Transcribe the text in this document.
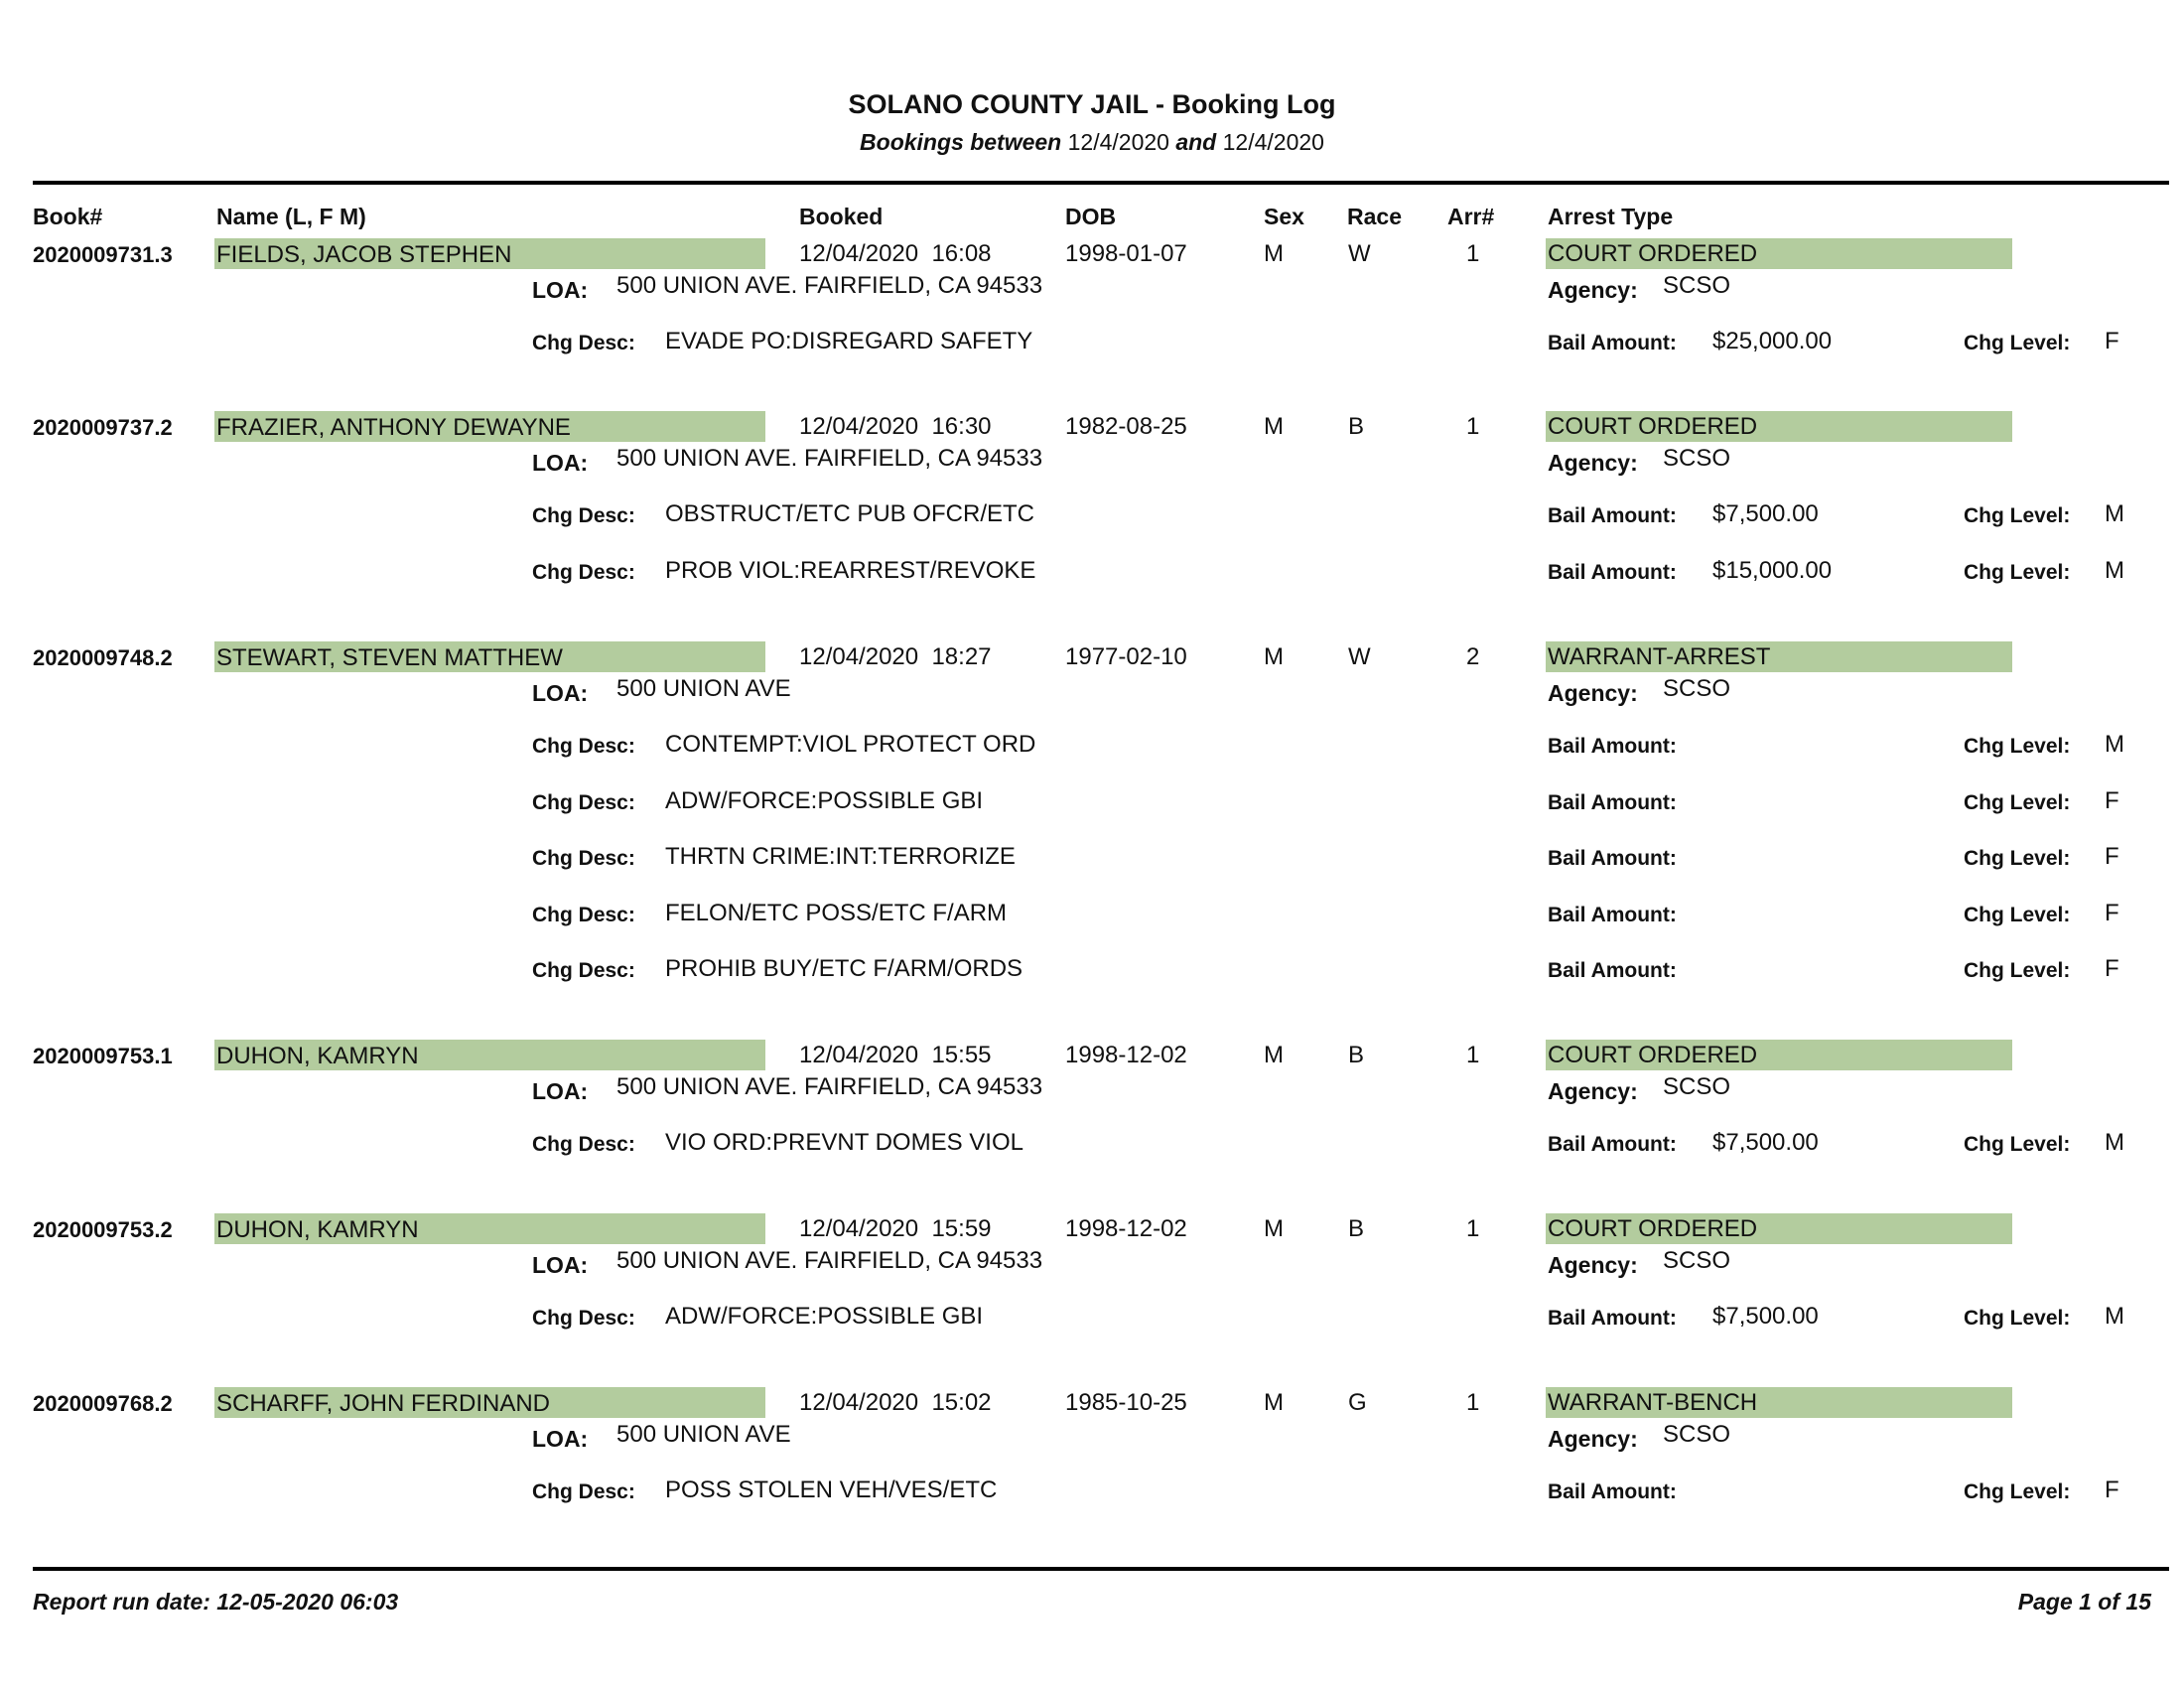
SOLANO COUNTY JAIL - Booking Log
Bookings between 12/4/2020 and 12/4/2020
Book#	Name (L, F M)	Booked	DOB	Sex Race Arr# Arrest Type
2020009731.3 FIELDS, JACOB STEPHEN	12/04/2020  16:08	1998-01-07	M	W	1	COURT ORDERED
LOA: 500 UNION AVE. FAIRFIELD, CA 94533	Agency: SCSO
Chg Desc: EVADE PO:DISREGARD SAFETY	Bail Amount: $25,000.00	Chg Level: F
2020009737.2 FRAZIER, ANTHONY DEWAYNE	12/04/2020  16:30	1982-08-25	M	B	1	COURT ORDERED
LOA: 500 UNION AVE. FAIRFIELD, CA 94533	Agency: SCSO
Chg Desc: OBSTRUCT/ETC PUB OFCR/ETC	Bail Amount: $7,500.00	Chg Level: M
Chg Desc: PROB VIOL:REARREST/REVOKE	Bail Amount: $15,000.00	Chg Level: M
2020009748.2 STEWART, STEVEN MATTHEW	12/04/2020  18:27	1977-02-10	M	W	2	WARRANT-ARREST
LOA: 500 UNION AVE	Agency: SCSO
Chg Desc: CONTEMPT:VIOL PROTECT ORD	Bail Amount:	Chg Level: M
Chg Desc: ADW/FORCE:POSSIBLE GBI	Bail Amount:	Chg Level: F
Chg Desc: THRTN CRIME:INT:TERRORIZE	Bail Amount:	Chg Level: F
Chg Desc: FELON/ETC POSS/ETC F/ARM	Bail Amount:	Chg Level: F
Chg Desc: PROHIB BUY/ETC F/ARM/ORDS	Bail Amount:	Chg Level: F
2020009753.1 DUHON, KAMRYN	12/04/2020  15:55	1998-12-02	M	B	1	COURT ORDERED
LOA: 500 UNION AVE. FAIRFIELD, CA 94533	Agency: SCSO
Chg Desc: VIO ORD:PREVNT DOMES VIOL	Bail Amount: $7,500.00	Chg Level: M
2020009753.2 DUHON, KAMRYN	12/04/2020  15:59	1998-12-02	M	B	1	COURT ORDERED
LOA: 500 UNION AVE. FAIRFIELD, CA 94533	Agency: SCSO
Chg Desc: ADW/FORCE:POSSIBLE GBI	Bail Amount: $7,500.00	Chg Level: M
2020009768.2 SCHARFF, JOHN FERDINAND	12/04/2020  15:02	1985-10-25	M	G	1	WARRANT-BENCH
LOA: 500 UNION AVE	Agency: SCSO
Chg Desc: POSS STOLEN VEH/VES/ETC	Bail Amount:	Chg Level: F
Report run date: 12-05-2020 06:03	Page 1 of 15
